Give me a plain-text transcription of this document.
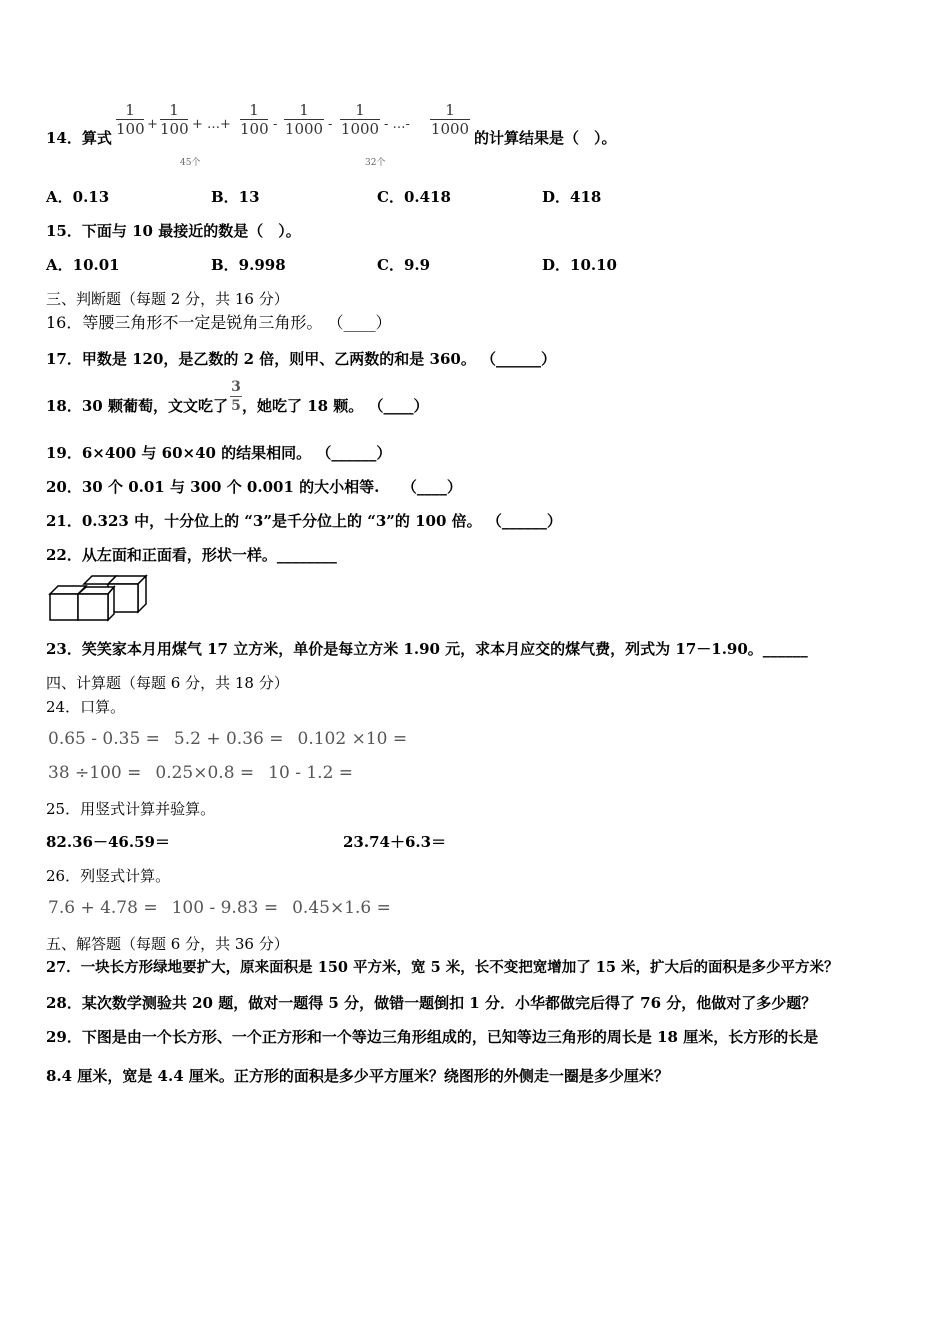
14．算式
1
100 +
1
100 + …+
1
100 -
1
1000 -
1
1000 - …-
1
1000
45个	32个
的计算结果是（　）。
A．0.13	B．13	C．0.418	D．418
15．下面与 10 最接近的数是（　）。
A．10.01	B．9.998	C．9.9	D．10.10
三、判断题（每题 2 分，共 16 分）
16．等腰三角形不一定是锐角三角形。 （____）
17．甲数是 120，是乙数的 2 倍，则甲、乙两数的和是 360。 （______）
18．30 颗葡萄，文文吃了 ，她吃了 18 颗。 （____）
3
5
19．6×400 与 60×40 的结果相同。 （______）
20．30 个 0.01 与 300 个 0.001 的大小相等.　　（____）
21．0.323 中，十分位上的 “3”是千分位上的 “3”的 100 倍。 （______）
22．从左面和正面看，形状一样。________
23．笑笑家本月用煤气 17 立方米，单价是每立方米 1.90 元，求本月应交的煤气费，列式为 17－1.90。______
四、计算题（每题 6 分，共 18 分）
24．口算。
0.65 - 0.35 = 5.2 + 0.36 = 0.102 ×10 =
38 ÷100 = 0.25×0.8 = 10 - 1.2 =
25．用竖式计算并验算。
82.36－46.59＝	23.74＋6.3＝
26．列竖式计算。
7.6 + 4.78 = 100 - 9.83 = 0.45×1.6 =
五、解答题（每题 6 分，共 36 分）
27．一块长方形绿地要扩大，原来面积是 150 平方米，宽 5 米，长不变把宽增加了 15 米，扩大后的面积是多少平方米？
28．某次数学测验共 20 题，做对一题得 5 分，做错一题倒扣 1 分．小华都做完后得了 76 分，他做对了多少题？
29．下图是由一个长方形、一个正方形和一个等边三角形组成的，已知等边三角形的周长是 18 厘米，长方形的长是
8.4 厘米，宽是 4.4 厘米。正方形的面积是多少平方厘米？绕图形的外侧走一圈是多少厘米？
